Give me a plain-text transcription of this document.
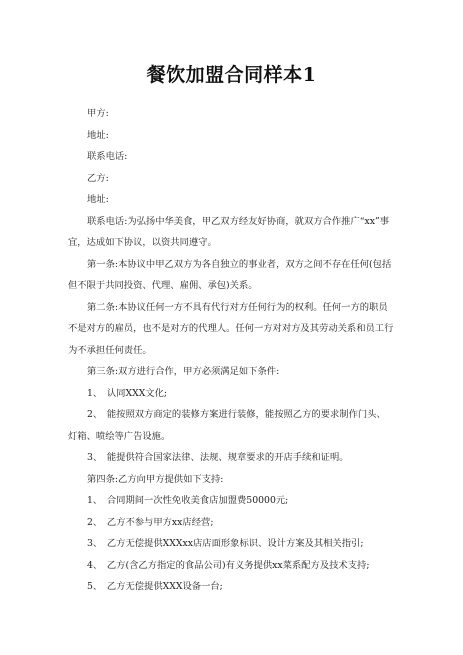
餐饮加盟合同样本1

甲方:

地址:

联系电话:

乙方:

地址:

联系电话:为弘扬中华美食，甲乙双方经友好协商，就双方合作推广“xx”事宜，达成如下协议，以资共同遵守。

第一条:本协议中甲乙双方为各自独立的事业者，双方之间不存在任何(包括但不限于共同投资、代理、雇佣、承包)关系。

第二条:本协议任何一方不具有代行对方任何行为的权利。任何一方的职员不是对方的雇员，也不是对方的代理人。任何一方对对方及其劳动关系和员工行为不承担任何责任。

第三条:双方进行合作，甲方必须满足如下条件:

1、　认同XXX文化;

2、　能按照双方商定的装修方案进行装修，能按照乙方的要求制作门头、灯箱、喷绘等广告设施。

3、　能提供符合国家法律、法规、规章要求的开店手续和证明。

第四条:乙方向甲方提供如下支持:

1、　合同期间一次性免收美食店加盟费50000元;

2、　乙方不参与甲方xx店经营;

3、　乙方无偿提供XXXxx店店面形象标识、设计方案及其相关指引;

4、　乙方(含乙方指定的食品公司)有义务提供xx菜系配方及技术支持;

5、　乙方无偿提供XXX设备一台;
